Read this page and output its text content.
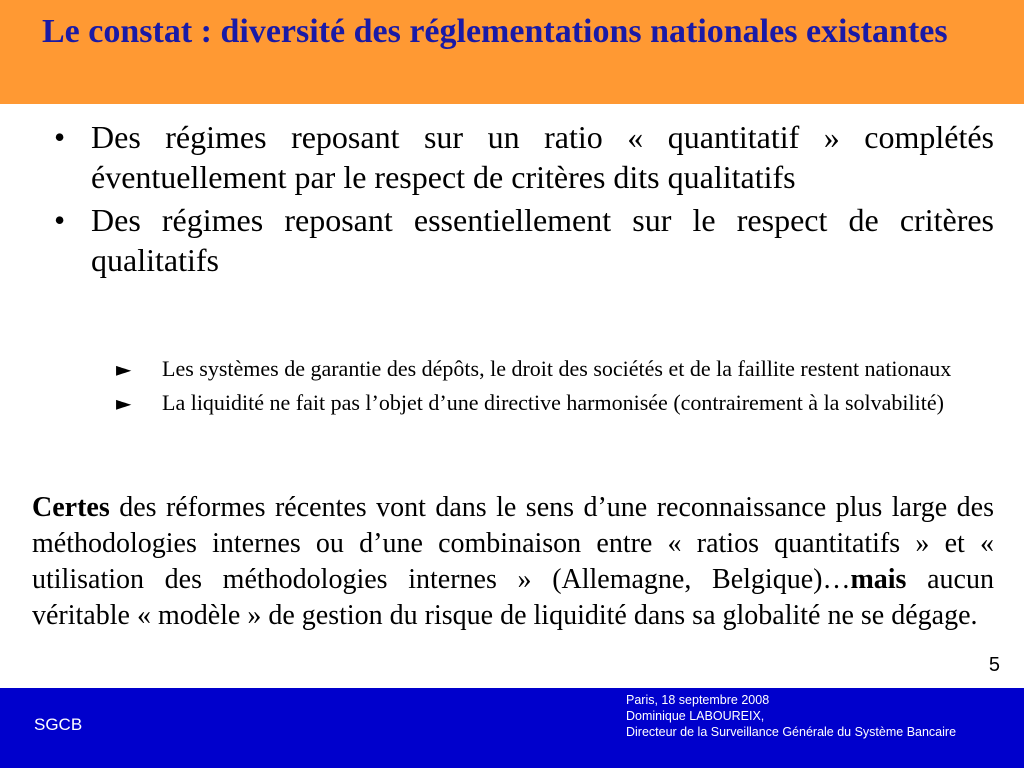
Le constat : diversité des réglementations nationales existantes
• Des régimes reposant sur un ratio « quantitatif » complétés éventuellement par le respect de critères dits qualitatifs
• Des régimes reposant essentiellement sur le respect de critères qualitatifs
► Les systèmes de garantie des dépôts, le droit des sociétés et de la faillite restent nationaux
► La liquidité ne fait pas l’objet d’une directive harmonisée (contrairement à la solvabilité)

Certes des réformes récentes vont dans le sens d’une reconnaissance plus large des méthodologies internes ou d’une combinaison entre « ratios quantitatifs » et « utilisation des méthodologies internes » (Allemagne, Belgique)…mais aucun véritable « modèle » de gestion du risque de liquidité dans sa globalité ne se dégage.

5
SGCB
Paris, 18 septembre 2008
Dominique LABOUREIX,
Directeur de la Surveillance Générale du Système Bancaire
